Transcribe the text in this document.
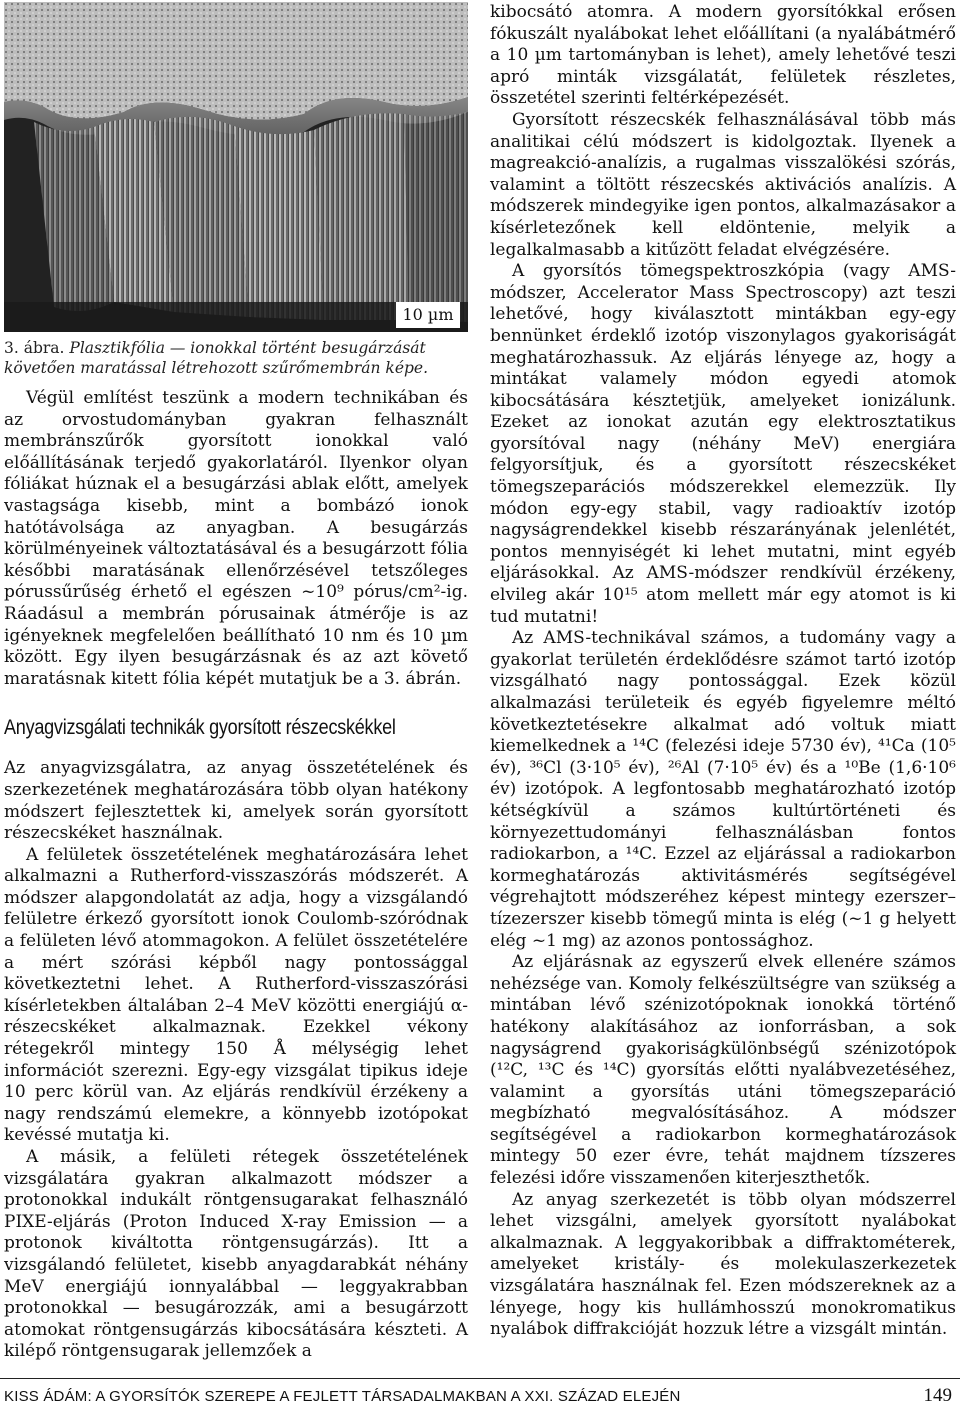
10 µm
3. ábra. Plasztikfólia — ionokkal történt besugárzását követően maratással létrehozott szűrőmembrán képe.

Végül említést teszünk a modern technikában és az orvostudományban gyakran felhasznált membránszűrők gyorsított ionokkal való előállításának terjedő gyakorlatáról. Ilyenkor olyan fóliákat húznak el a besugárzási ablak előtt, amelyek vastagsága kisebb, mint a bombázó ionok hatótávolsága az anyagban. A besugárzás körülményeinek változtatásával és a besugárzott fólia későbbi maratásának ellenőrzésével tetszőleges pórussűrűség érhető el egészen ~10⁹ pórus/cm²-ig. Ráadásul a membrán pórusainak átmérője is az igényeknek megfelelően beállítható 10 nm és 10 µm között. Egy ilyen besugárzásnak és az azt követő maratásnak kitett fólia képét mutatjuk be a 3. ábrán.

Anyagvizsgálati technikák gyorsított részecskékkel

Az anyagvizsgálatra, az anyag összetételének és szerkezetének meghatározására több olyan hatékony módszert fejlesztettek ki, amelyek során gyorsított részecskéket használnak.

A felületek összetételének meghatározására lehet alkalmazni a Rutherford-visszaszórás módszerét. A módszer alapgondolatát az adja, hogy a vizsgálandó felületre érkező gyorsított ionok Coulomb-szóródnak a felületen lévő atommagokon. A felület összetételére a mért szórási képből nagy pontossággal következtetni lehet. A Rutherford-visszaszórási kísérletekben általában 2–4 MeV közötti energiájú α-részecskéket alkalmaznak. Ezekkel vékony rétegekről mintegy 150 Å mélységig lehet információt szerezni. Egy-egy vizsgálat tipikus ideje 10 perc körül van. Az eljárás rendkívül érzékeny a nagy rendszámú elemekre, a könnyebb izotópokat kevéssé mutatja ki.

A másik, a felületi rétegek összetételének vizsgálatára gyakran alkalmazott módszer a protonokkal indukált röntgensugarakat felhasználó PIXE-eljárás (Proton Induced X-ray Emission — a protonok kiváltotta röntgensugárzás). Itt a vizsgálandó felületet, kisebb anyagdarabkát néhány MeV energiájú ionnyalábbal — leggyakrabban protonokkal — besugározzák, ami a besugárzott atomokat röntgensugárzás kibocsátására készteti. A kilépő röntgensugarak jellemzőek a

kibocsátó atomra. A modern gyorsítókkal erősen fókuszált nyalábokat lehet előállítani (a nyalábátmérő a 10 µm tartományban is lehet), amely lehetővé teszi apró minták vizsgálatát, felületek részletes, összetétel szerinti feltérképezését.

Gyorsított részecskék felhasználásával több más analitikai célú módszert is kidolgoztak. Ilyenek a magreakció-analízis, a rugalmas visszalökési szórás, valamint a töltött részecskés aktivációs analízis. A módszerek mindegyike igen pontos, alkalmazásakor a kísérletezőnek kell eldöntenie, melyik a legalkalmasabb a kitűzött feladat elvégzésére.

A gyorsítós tömegspektroszkópia (vagy AMS-módszer, Accelerator Mass Spectroscopy) azt teszi lehetővé, hogy kiválasztott mintákban egy-egy bennünket érdeklő izotóp viszonylagos gyakoriságát meghatározhassuk. Az eljárás lényege az, hogy a mintákat valamely módon egyedi atomok kibocsátására késztetjük, amelyeket ionizálunk. Ezeket az ionokat azután egy elektrosztatikus gyorsítóval nagy (néhány MeV) energiára felgyorsítjuk, és a gyorsított részecskéket tömegszeparációs módszerekkel elemezzük. Ily módon egy-egy stabil, vagy radioaktív izotóp nagyságrendekkel kisebb részarányának jelenlétét, pontos mennyiségét ki lehet mutatni, mint egyéb eljárásokkal. Az AMS-módszer rendkívül érzékeny, elvileg akár 10¹⁵ atom mellett már egy atomot is ki tud mutatni!

Az AMS-technikával számos, a tudomány vagy a gyakorlat területén érdeklődésre számot tartó izotóp vizsgálható nagy pontossággal. Ezek közül alkalmazási területeik és egyéb figyelemre méltó következtetésekre alkalmat adó voltuk miatt kiemelkednek a ¹⁴C (felezési ideje 5730 év), ⁴¹Ca (10⁵ év), ³⁶Cl (3·10⁵ év), ²⁶Al (7·10⁵ év) és a ¹⁰Be (1,6·10⁶ év) izotópok. A legfontosabb meghatározható izotóp kétségkívül a számos kultúrtörténeti és környezettudományi felhasználásban fontos radiokarbon, a ¹⁴C. Ezzel az eljárással a radiokarbon kormeghatározás aktivitásmérés segítségével végrehajtott módszeréhez képest mintegy ezerszer–tízezerszer kisebb tömegű minta is elég (~1 g helyett elég ~1 mg) az azonos pontossághoz.

Az eljárásnak az egyszerű elvek ellenére számos nehézsége van. Komoly felkészültségre van szükség a mintában lévő szénizotópoknak ionokká történő hatékony alakításához az ionforrásban, a sok nagyságrend gyakoriságkülönbségű szénizotópok (¹²C, ¹³C és ¹⁴C) gyorsítás előtti nyalábvezetéséhez, valamint a gyorsítás utáni tömegszeparáció megbízható megvalósításához. A módszer segítségével a radiokarbon kormeghatározások mintegy 50 ezer évre, tehát majdnem tízszeres felezési időre visszamenően kiterjeszthetők.

Az anyag szerkezetét is több olyan módszerrel lehet vizsgálni, amelyek gyorsított nyalábokat alkalmaznak. A leggyakoribbak a diffraktométerek, amelyeket kristály- és molekulaszerkezetek vizsgálatára használnak fel. Ezen módszereknek az a lényege, hogy kis hullámhosszú monokromatikus nyalábok diffrakcióját hozzuk létre a vizsgált mintán.

KISS ÁDÁM: A GYORSÍTÓK SZEREPE A FEJLETT TÁRSADALMAKBAN A XXI. SZÁZAD ELEJÉN	149
